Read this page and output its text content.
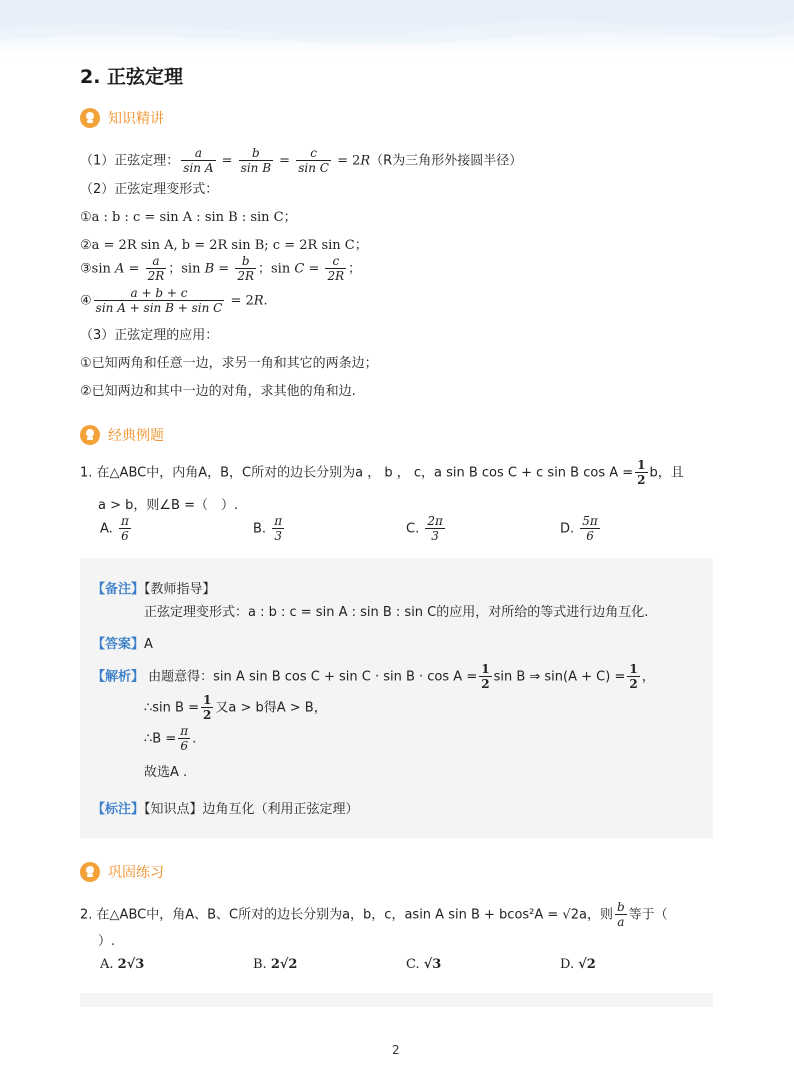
2. 正弦定理
知识精讲
（1）正弦定理： $\frac{a}{\text{sin A}} = \frac{b}{\text{sin B}} = \frac{c}{\text{sin C}} = 2R(R$为三角形外接圆半径）
（2）正弦定理变形式：
①a : b : c = sin A : sin B : sin C；
②a = 2R sin A, b = 2R sin B; c = 2R sin C；
③sin $A = \frac{a}{2R}$ ；$\sin B = \frac{b}{2R}$ ；$\sin C = \frac{c}{2R}$ ；
④ $\frac{a + b + c}{\text{sin A + sin B + sin C}} = 2R$.
（3）正弦定理的应用：
①已知两角和任意一边，求另一角和其它的两条边；
②已知两边和其中一边的对角，求其他的角和边.
经典例题
1. 在△ABC中，内角A，B，C所对的边长分别为a ， b ， c，a sin B cos C + c sin B $\cos A = \frac{1}{2}$ b，且
a > b，则∠B =（　）.
A. $\frac{\pi}{6}$	B. $\frac{\pi}{3}$	C. $\frac{2\pi}{3}$	D. $\frac{5\pi}{6}$
【备注】【教师指导】
正弦定理变形式：a : b : c = sin A : sin B : sin C的应用，对所给的等式进行边角互化.
【答案】A
【解析】 由题意得：sin A sin B $\cos C + \sin C \cdot \sin B \cdot \cos A = \frac{1}{2}$ sin B ⇒ $\sin(A + C) = \frac{1}{2}$ ，
∴sin $B = \frac{1}{2}$ 又a > b得A > B，
∴B = $\frac{\pi}{6}$ .
故选A .
【标注】【知识点】边角互化（利用正弦定理）
巩固练习
2. 在△ABC中，角A、B、C所对的边长分别为a，b，c，asin A sin B + bcos²A = √2a，则 $\frac{b}{a}$ 等于（
）.
A. 2√3	B. 2√2	C. √3	D. √2
2
